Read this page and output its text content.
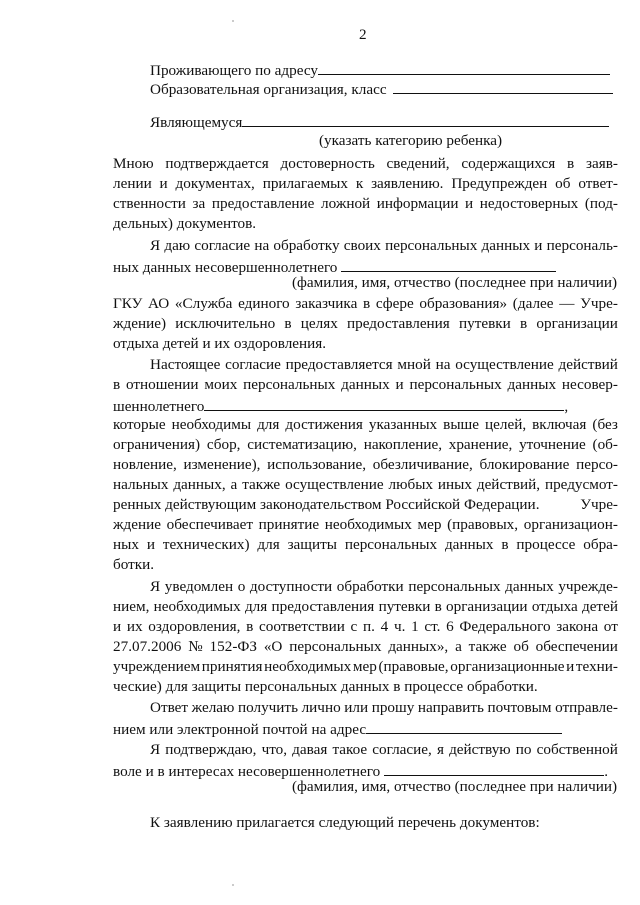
2
Проживающего по адресу
Образовательная организация, класс
Являющемуся
(указать категорию ребенка)
Мною подтверждается достоверность сведений, содержащихся в заяв-
лении и документах, прилагаемых к заявлению. Предупрежден об ответ-
ственности за предоставление ложной информации и недостоверных (под-
дельных) документов.
Я даю согласие на обработку своих персональных данных и персональ-
ных данных несовершеннолетнего
(фамилия, имя, отчество (последнее при наличии)
ГКУ АО «Служба единого заказчика в сфере образования» (далее — Учре-
ждение) исключительно в целях предоставления путевки в организации
отдыха детей и их оздоровления.
Настоящее согласие предоставляется мной на осуществление действий
в отношении моих персональных данных и персональных данных несовер-
шеннолетнего	,
которые необходимы для достижения указанных выше целей, включая (без
ограничения) сбор, систематизацию, накопление, хранение, уточнение (об-
новление, изменение), использование, обезличивание, блокирование персо-
нальных данных, а также осуществление любых иных действий, предусмот-
ренных действующим законодательством Российской Федерации.	Учре-
ждение обеспечивает принятие необходимых мер (правовых, организацион-
ных и технических) для защиты персональных данных в процессе обра-
ботки.
Я уведомлен о доступности обработки персональных данных учрежде-
нием, необходимых для предоставления путевки в организации отдыха детей
и их оздоровления, в соответствии с п. 4 ч. 1 ст. 6 Федерального закона от
27.07.2006 № 152-ФЗ «О персональных данных», а также об обеспечении
учреждением принятия необходимых мер (правовые, организационные и техни-
ческие) для защиты персональных данных в процессе обработки.
Ответ желаю получить лично или прошу направить почтовым отправле-
нием или электронной почтой на адрес
Я подтверждаю, что, давая такое согласие, я действую по собственной
воле и в интересах несовершеннолетнего	.
(фамилия, имя, отчество (последнее при наличии)
К заявлению прилагается следующий перечень документов:
